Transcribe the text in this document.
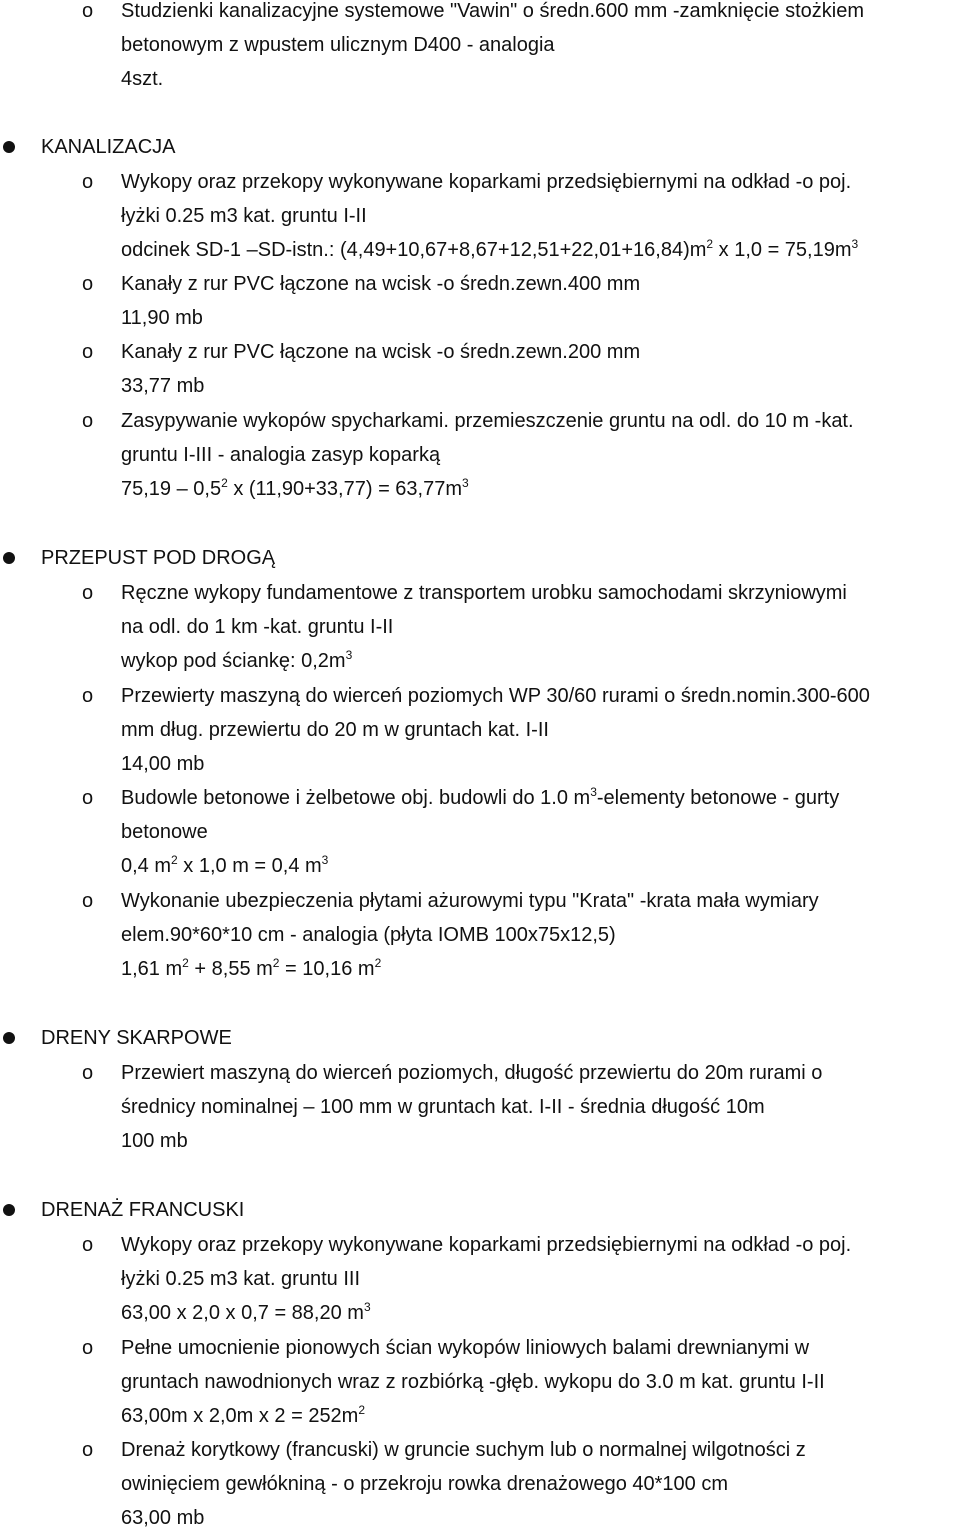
o	Studzienki kanalizacyjne systemowe "Vawin" o średn.600 mm -zamknięcie stożkiem
betonowym z wpustem ulicznym D400 - analogia
4szt.
KANALIZACJA
o	Wykopy oraz przekopy wykonywane koparkami przedsiębiernymi na odkład -o poj.
łyżki 0.25 m3 kat. gruntu I-II
odcinek SD-1 –SD-istn.: $(4,49+10,67+8,67+12,51+22,01+16,84)m^2$ x $1,0 = 75,19m^3$
o	Kanały z rur PVC łączone na wcisk -o średn.zewn.400 mm
11,90 mb
o	Kanały z rur PVC łączone na wcisk -o średn.zewn.200 mm
33,77 mb
o	Zasypywanie wykopów spycharkami. przemieszczenie gruntu na odl. do 10 m -kat.
gruntu I-III - analogia zasyp koparką
$75,19 - 0,5^2$ x $(11,90+33,77) = 63,77m^3$
PRZEPUST POD DROGĄ
o	Ręczne wykopy fundamentowe z transportem urobku samochodami skrzyniowymi
na odl. do 1 km -kat. gruntu I-II
wykop pod ściankę: $0,2m^3$
o	Przewierty maszyną do wierceń poziomych WP 30/60 rurami o średn.nomin.300-600
mm dług. przewiertu do 20 m w gruntach kat. I-II
14,00 mb
o	Budowle betonowe i żelbetowe obj. budowli do 1.0 $m^3$-elementy betonowe - gurty
betonowe
0,4 $m^2$ x 1,0 m = 0,4 $m^3$
o	Wykonanie ubezpieczenia płytami ażurowymi typu "Krata" -krata mała wymiary
elem.90*60*10 cm - analogia (płyta IOMB 100x75x12,5)
1,61 $m^2 + 8,55$ $m^2 = 10,16$ $m^2$
DRENY SKARPOWE
o	Przewiert maszyną do wierceń poziomych, długość przewiertu do 20m rurami o
średnicy nominalnej – 100 mm w gruntach kat. I-II - średnia długość 10m
100 mb
DRENAŻ FRANCUSKI
o	Wykopy oraz przekopy wykonywane koparkami przedsiębiernymi na odkład -o poj.
łyżki 0.25 m3 kat. gruntu III
63,00 x 2,0 x 0,7 = 88,20 $m^3$
o	Pełne umocnienie pionowych ścian wykopów liniowych balami drewnianymi w
gruntach nawodnionych wraz z rozbiórką -głęb. wykopu do 3.0 m kat. gruntu I-II
63,00m x 2,0m x $2 = 252m^2$
o	Drenaż korytkowy (francuski) w gruncie suchym lub o normalnej wilgotności z
owinięciem gewłókniną - o przekroju rowka drenażowego 40*100 cm
63,00 mb
